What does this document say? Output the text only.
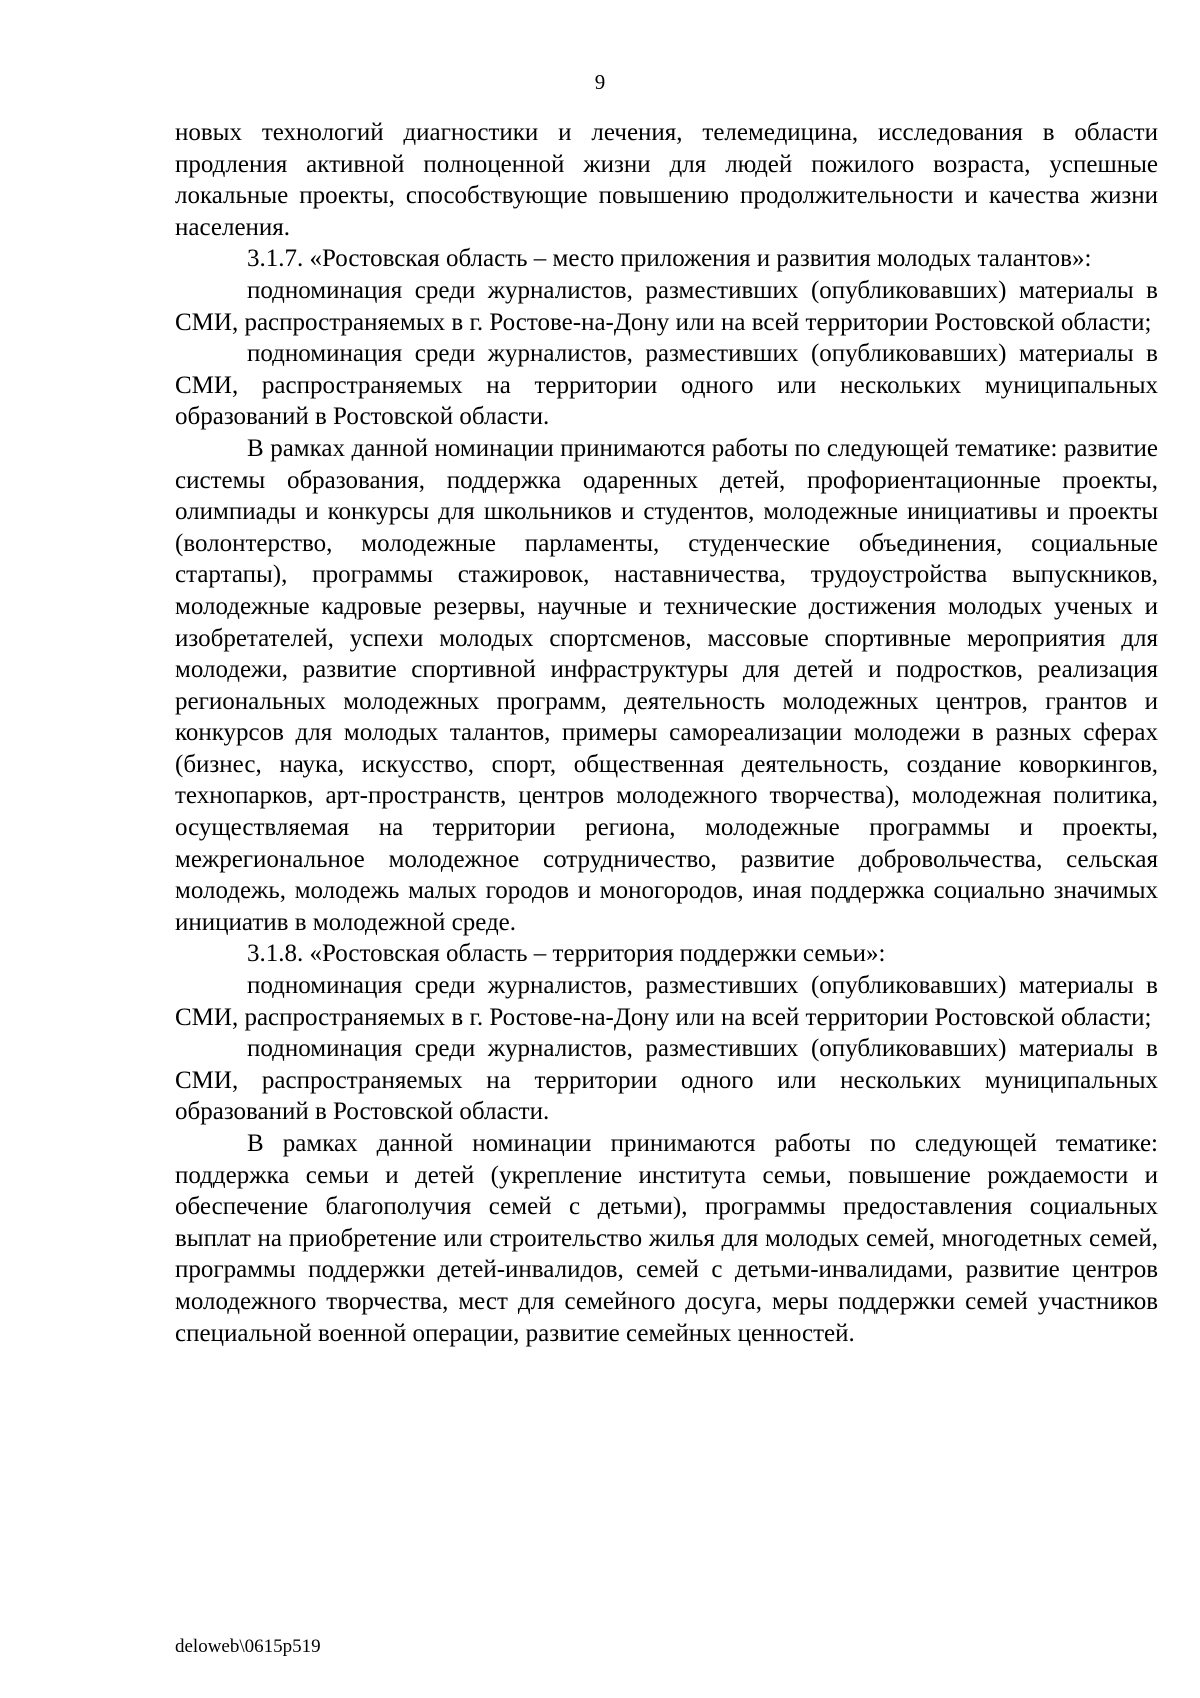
9

новых технологий диагностики и лечения, телемедицина, исследования в области продления активной полноценной жизни для людей пожилого возраста, успешные локальные проекты, способствующие повышению продолжительности и качества жизни населения.

3.1.7. «Ростовская область – место приложения и развития молодых талантов»:

подноминация среди журналистов, разместивших (опубликовавших) материалы в СМИ, распространяемых в г. Ростове-на-Дону или на всей территории Ростовской области;

подноминация среди журналистов, разместивших (опубликовавших) материалы в СМИ, распространяемых на территории одного или нескольких муниципальных образований в Ростовской области.

В рамках данной номинации принимаются работы по следующей тематике: развитие системы образования, поддержка одаренных детей, профориентационные проекты, олимпиады и конкурсы для школьников и студентов, молодежные инициативы и проекты (волонтерство, молодежные парламенты, студенческие объединения, социальные стартапы), программы стажировок, наставничества, трудоустройства выпускников, молодежные кадровые резервы, научные и технические достижения молодых ученых и изобретателей, успехи молодых спортсменов, массовые спортивные мероприятия для молодежи, развитие спортивной инфраструктуры для детей и подростков, реализация региональных молодежных программ, деятельность молодежных центров, грантов и конкурсов для молодых талантов, примеры самореализации молодежи в разных сферах (бизнес, наука, искусство, спорт, общественная деятельность, создание коворкингов, технопарков, арт-пространств, центров молодежного творчества), молодежная политика, осуществляемая на территории региона, молодежные программы и проекты, межрегиональное молодежное сотрудничество, развитие добровольчества, сельская молодежь, молодежь малых городов и моногородов, иная поддержка социально значимых инициатив в молодежной среде.

3.1.8. «Ростовская область – территория поддержки семьи»:

подноминация среди журналистов, разместивших (опубликовавших) материалы в СМИ, распространяемых в г. Ростове-на-Дону или на всей территории Ростовской области;

подноминация среди журналистов, разместивших (опубликовавших) материалы в СМИ, распространяемых на территории одного или нескольких муниципальных образований в Ростовской области.

В рамках данной номинации принимаются работы по следующей тематике: поддержка семьи и детей (укрепление института семьи, повышение рождаемости и обеспечение благополучия семей с детьми), программы предоставления социальных выплат на приобретение или строительство жилья для молодых семей, многодетных семей, программы поддержки детей-инвалидов, семей с детьми-инвалидами, развитие центров молодежного творчества, мест для семейного досуга, меры поддержки семей участников специальной военной операции, развитие семейных ценностей.

deloweb\0615p519
